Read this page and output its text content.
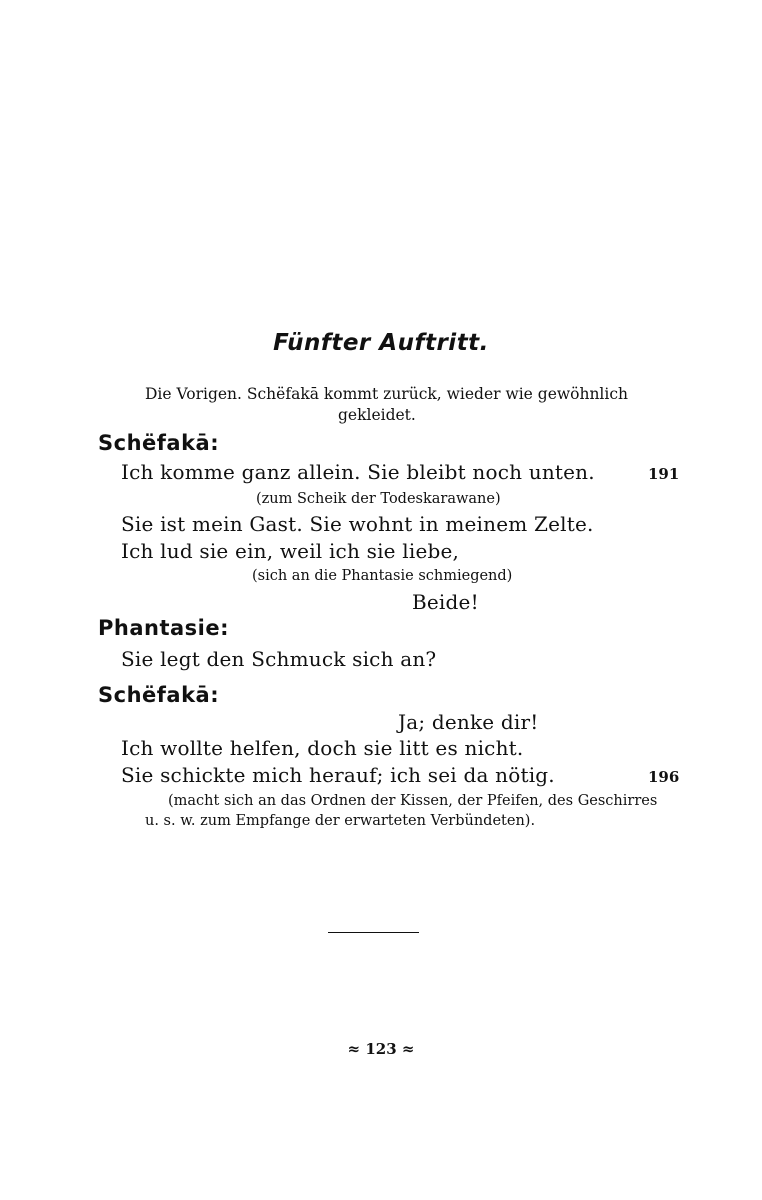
Fünfter Auftritt.

Die Vorigen. Schëfakā kommt zurück, wieder wie gewöhnlich

gekleidet.

Schëfakā:

Ich komme ganz allein. Sie bleibt noch unten.	191

(zum Scheik der Todeskarawane)

Sie ist mein Gast. Sie wohnt in meinem Zelte.

Ich lud sie ein, weil ich sie liebe,

(sich an die Phantasie schmiegend)

Beide!

Phantasie:

Sie legt den Schmuck sich an?

Schëfakā:

Ja; denke dir!

Ich wollte helfen, doch sie litt es nicht.

Sie schickte mich herauf; ich sei da nötig.	196

(macht sich an das Ordnen der Kissen, der Pfeifen, des Geschirres

u. s. w. zum Empfange der erwarteten Verbündeten).

≈ 123 ≈
